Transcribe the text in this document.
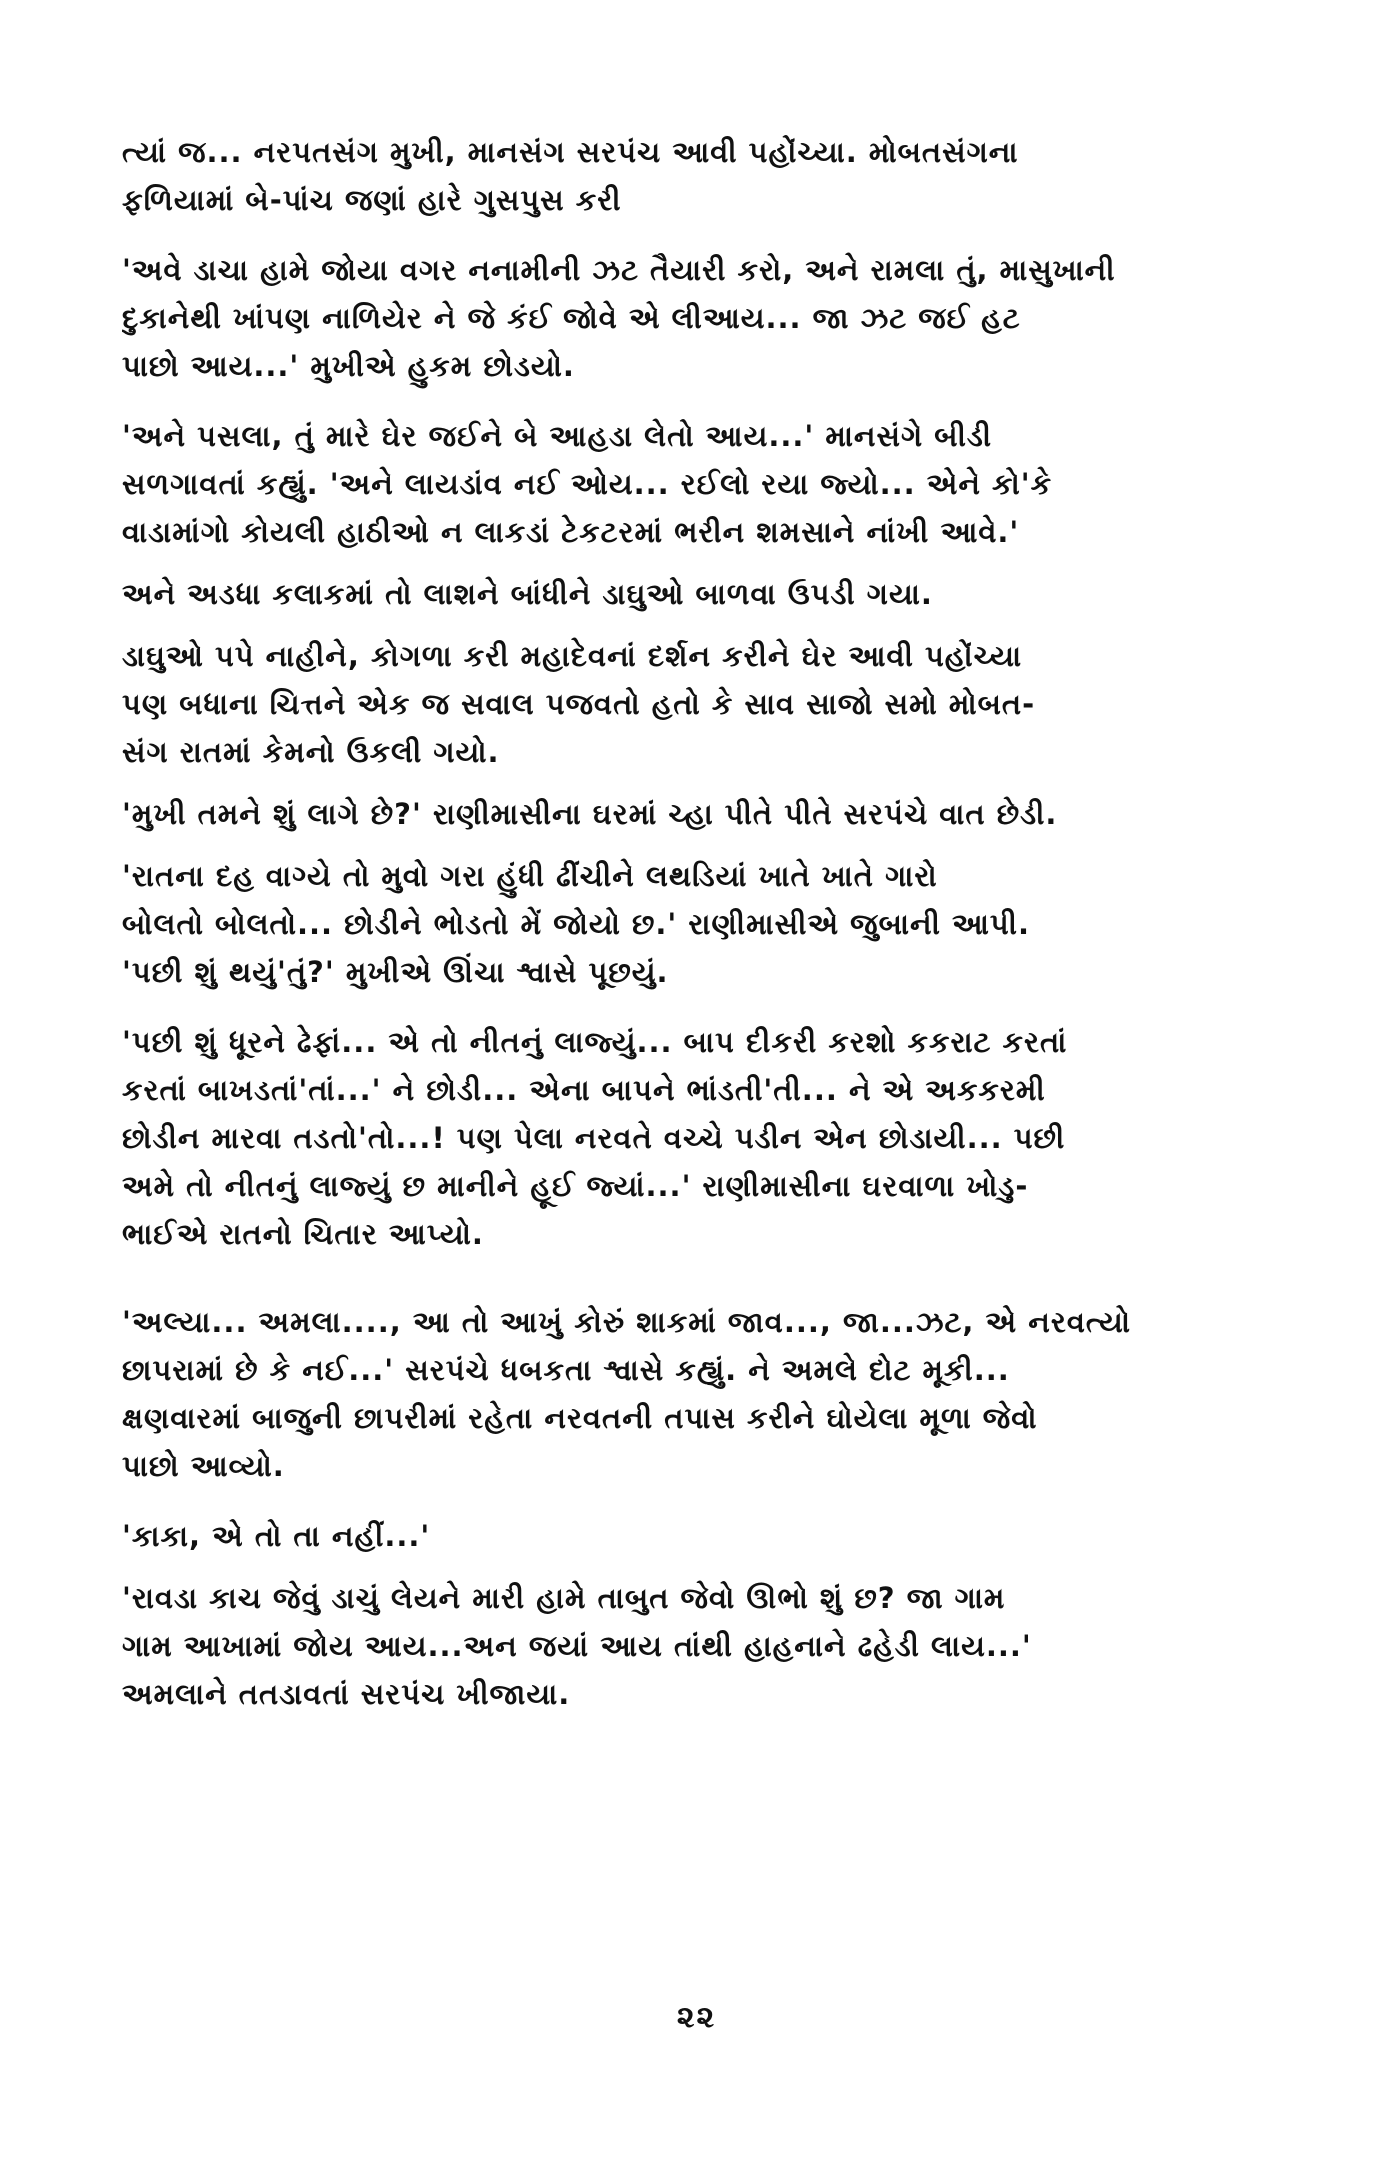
ત્યાં જ... નરપતસંગ મુખી, માનસંગ સરપંચ આવી પહોંચ્યા. મોબતસંગના
ફળિયામાં બે-પાંચ જણાં હારે ગુસપુસ કરી

'અવે ડાચા હામે જોયા વગર નનામીની ઝટ તૈયારી કરો, અને રામલા તું, માસુખાની
દુકાનેથી ખાંપણ નાળિયેર ને જે કંઈ જોવે એ લીઆય... જા ઝટ જઈ હટ
પાછો આય...' મુખીએ હુકમ છોડયો.

'અને પસલા, તું મારે ઘેર જઈને બે આહડા લેતો આય...' માનસંગે બીડી
સળગાવતાં કહ્યું. 'અને લાયડાંવ નઈ ઓય... રઈલો રયા જ્યો... એને કો'કે
વાડામાંગો કોયલી હાઠીઓ ન લાકડાં ટેકટરમાં ભરીન શમસાને નાંખી આવે.'

અને અડધા કલાકમાં તો લાશને બાંધીને ડાઘુઓ બાળવા ઉપડી ગયા.

ડાઘુઓ પપે નાહીને, કોગળા કરી મહાદેવનાં દર્શન કરીને ઘેર આવી પહોંચ્યા
પણ બધાના ચિત્તને એક જ સવાલ પજવતો હતો કે સાવ સાજો સમો મોબત-
સંગ રાતમાં કેમનો ઉકલી ગયો.

'મુખી તમને શું લાગે છે?' રાણીમાસીના ઘરમાં ચ્હા પીતે પીતે સરપંચે વાત છેડી.

'રાતના દહ વાગ્યે તો મુવો ગરા હુંધી ઢીંચીને લથડિયાં ખાતે ખાતે ગારો
બોલતો બોલતો... છોડીને ભોડતો મેં જોયો છ.' રાણીમાસીએ જુબાની આપી.
'પછી શું થયું'તું?' મુખીએ ઊંચા શ્વાસે પૂછયું.

'પછી શું ધૂરને ઢેફાં... એ તો નીતનું લાજ્યું... બાપ દીકરી કરશો કકરાટ કરતાં
કરતાં બાખડતાં'તાં...' ને છોડી... એના બાપને ભાંડતી'તી... ને એ અકકરમી
છોડીન મારવા તડતો'તો...! પણ પેલા નરવતે વચ્ચે પડીન એન છોડાયી... પછી
અમે તો નીતનું લાજ્યું છ માનીને હૂઈ જ્યાં...' રાણીમાસીના ઘરવાળા ખોડુ-
ભાઈએ રાતનો ચિતાર આપ્યો.

'અલ્યા... અમલા...., આ તો આખું કોરું શાકમાં જાવ..., જા...ઝટ, એ નરવત્યો
છાપરામાં છે કે નઈ...' સરપંચે ધબકતા શ્વાસે કહ્યું. ને અમલે દોટ મૂકી...
ક્ષણવારમાં બાજુની છાપરીમાં રહેતા નરવતની તપાસ કરીને ઘોયેલા મૂળા જેવો
પાછો આવ્યો.

'કાકા, એ તો તા નહીં...'

'રાવડા કાચ જેવું ડાચું લેયને મારી હામે તાબુત જેવો ઊભો શું છ? જા ગામ
ગામ આખામાં જોય આય...અન જયાં આય તાંથી હાહનાને ઢહેડી લાય...'
અમલાને તતડાવતાં સરપંચ ખીજાયા.

૨૨
